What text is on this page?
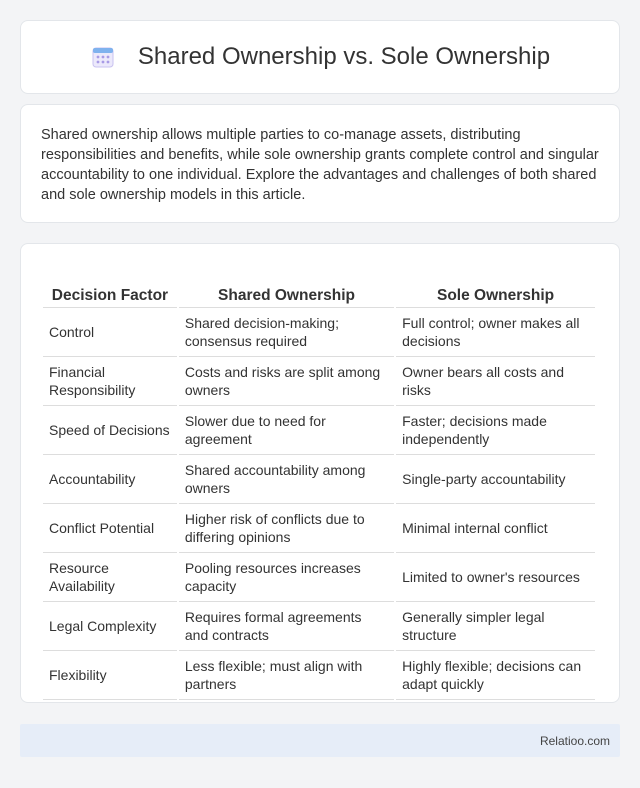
Shared Ownership vs. Sole Ownership

Shared ownership allows multiple parties to co-manage assets, distributing responsibilities and benefits, while sole ownership grants complete control and singular accountability to one individual. Explore the advantages and challenges of both shared and sole ownership models in this article.

Decision Factor	Shared Ownership	Sole Ownership
Control	Shared decision-making; consensus required	Full control; owner makes all decisions
Financial Responsibility	Costs and risks are split among owners	Owner bears all costs and risks
Speed of Decisions	Slower due to need for agreement	Faster; decisions made independently
Accountability	Shared accountability among owners	Single-party accountability
Conflict Potential	Higher risk of conflicts due to differing opinions	Minimal internal conflict
Resource Availability	Pooling resources increases capacity	Limited to owner's resources
Legal Complexity	Requires formal agreements and contracts	Generally simpler legal structure
Flexibility	Less flexible; must align with partners	Highly flexible; decisions can adapt quickly
Relatioo.com
